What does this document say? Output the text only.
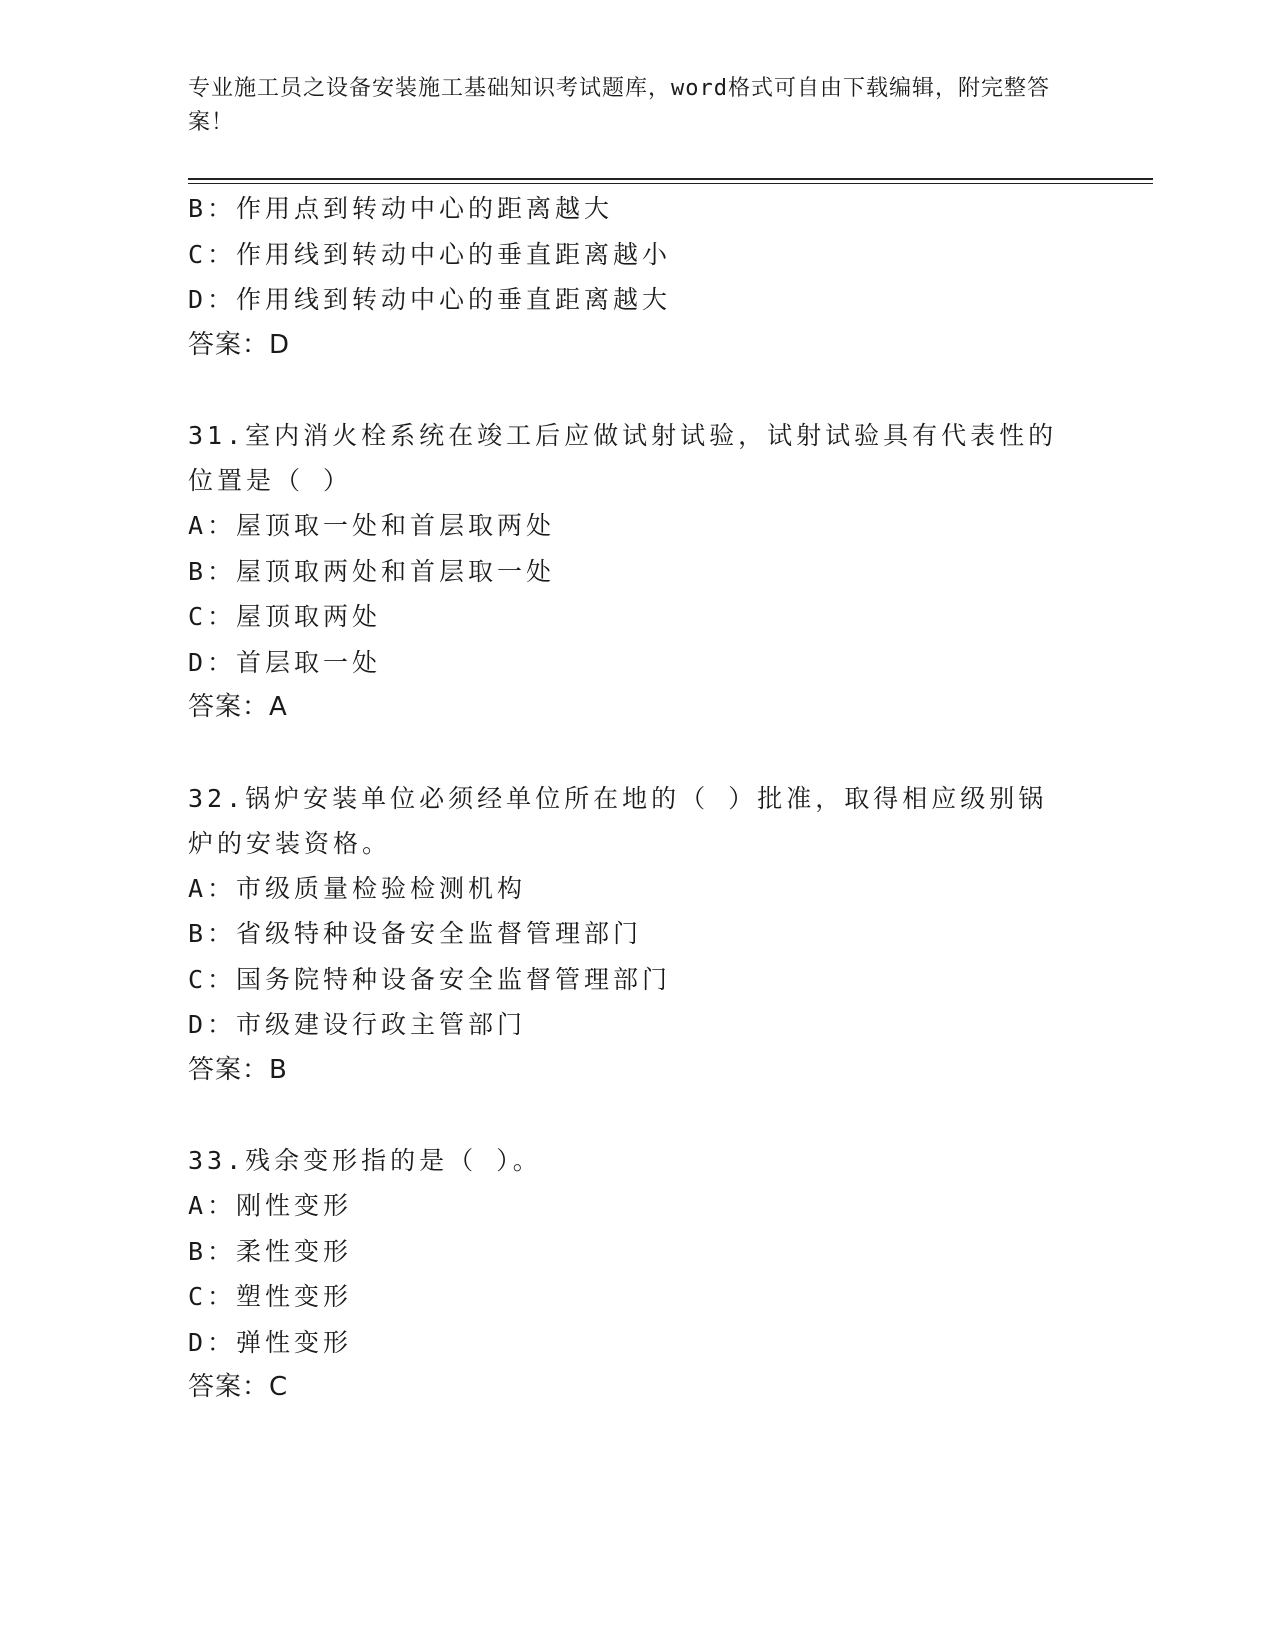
专业施工员之设备安装施工基础知识考试题库，word格式可自由下载编辑，附完整答案！
B：作用点到转动中心的距离越大
C：作用线到转动中心的垂直距离越小
D：作用线到转动中心的垂直距离越大
答案：D
31.室内消火栓系统在竣工后应做试射试验，试射试验具有代表性的位置是（ ）
A：屋顶取一处和首层取两处
B：屋顶取两处和首层取一处
C：屋顶取两处
D：首层取一处
答案：A
32.锅炉安装单位必须经单位所在地的（ ）批准，取得相应级别锅炉的安装资格。
A：市级质量检验检测机构
B：省级特种设备安全监督管理部门
C：国务院特种设备安全监督管理部门
D：市级建设行政主管部门
答案：B
33.残余变形指的是（ ）。
A：刚性变形
B：柔性变形
C：塑性变形
D：弹性变形
答案：C
